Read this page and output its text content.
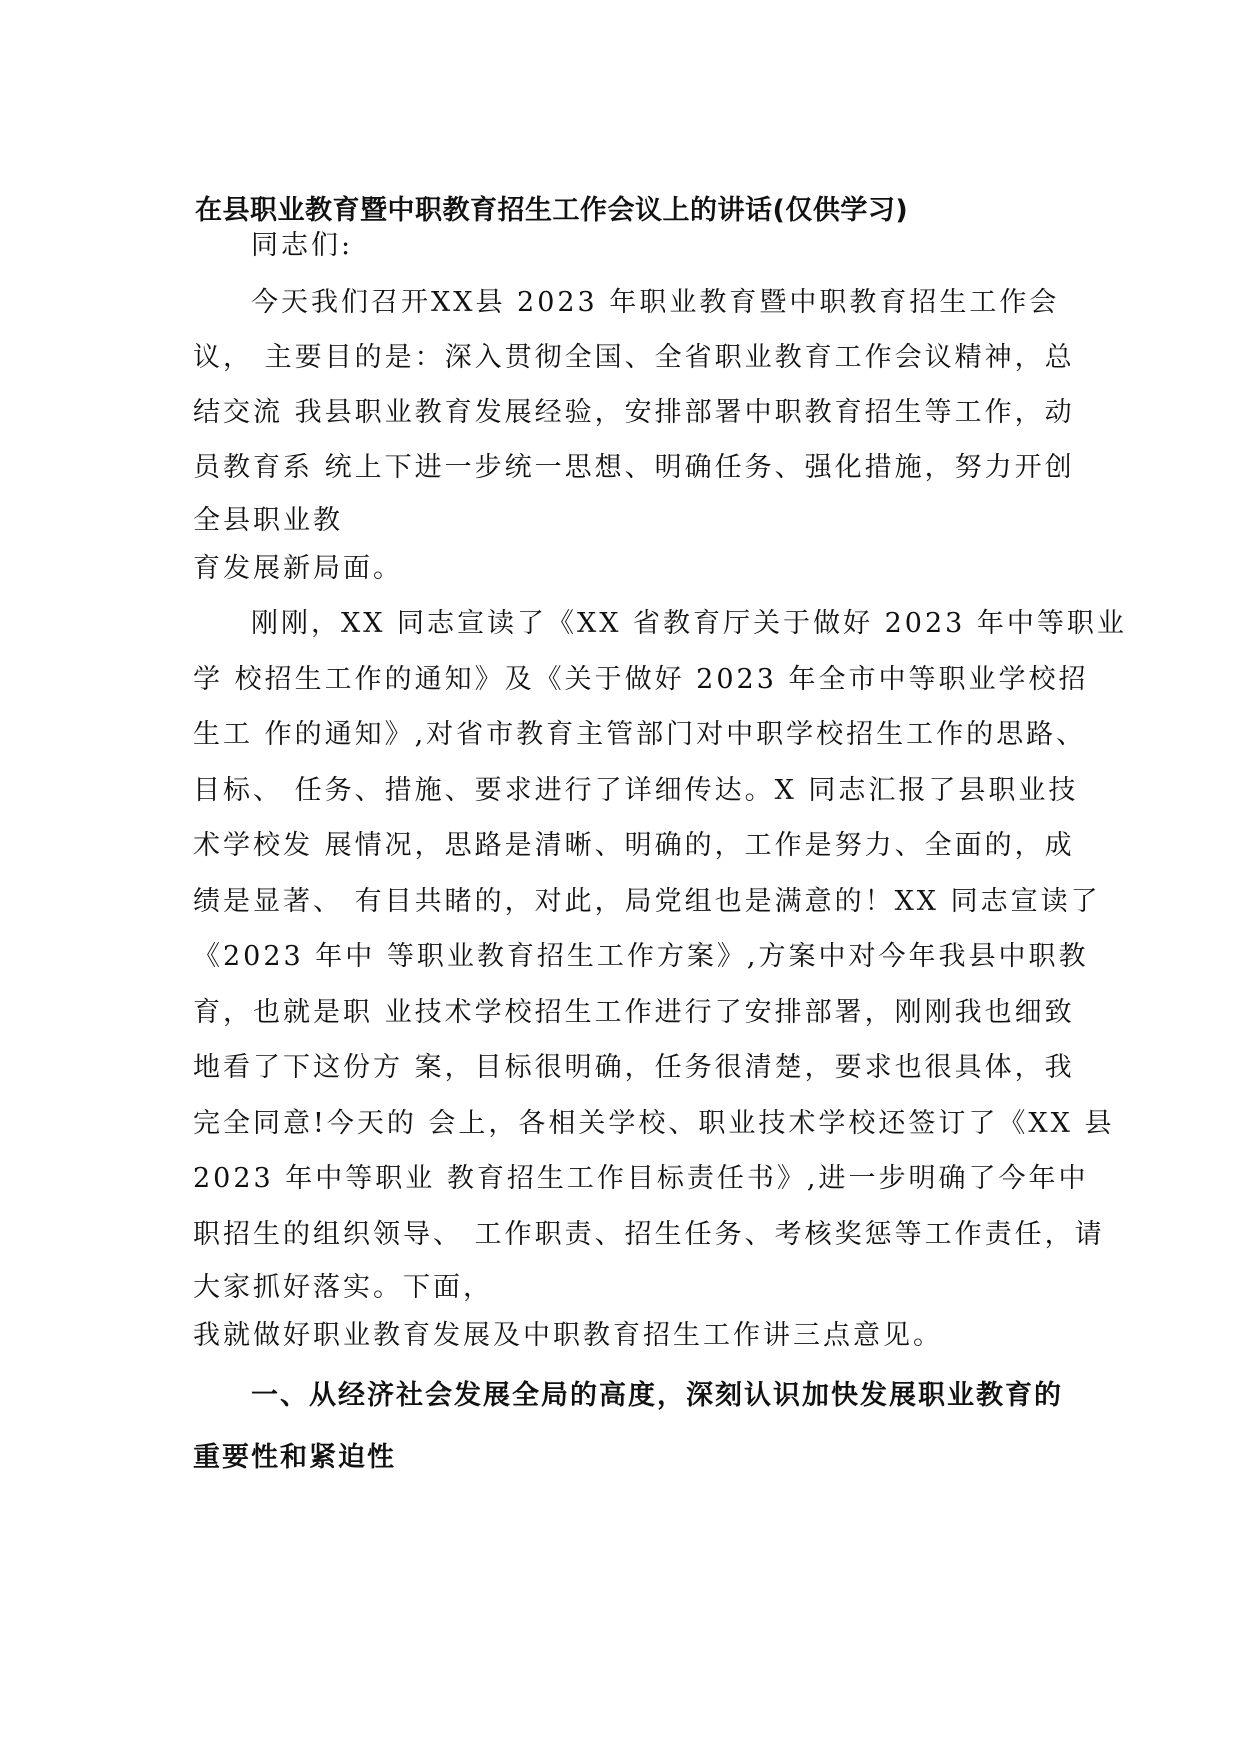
在县职业教育暨中职教育招生工作会议上的讲话(仅供学习)
同志们:
今天我们召开XX县 2023 年职业教育暨中职教育招生工作会
议， 主要目的是：深入贯彻全国、全省职业教育工作会议精神，总
结交流 我县职业教育发展经验，安排部署中职教育招生等工作，动
员教育系 统上下进一步统一思想、明确任务、强化措施，努力开创
全县职业教
育发展新局面。
刚刚，XX 同志宣读了《XX 省教育厅关于做好 2023 年中等职业
学 校招生工作的通知》及《关于做好 2023 年全市中等职业学校招
生工 作的通知》,对省市教育主管部门对中职学校招生工作的思路、
目标、 任务、措施、要求进行了详细传达。X 同志汇报了县职业技
术学校发 展情况，思路是清晰、明确的，工作是努力、全面的，成
绩是显著、 有目共睹的，对此，局党组也是满意的！XX 同志宣读了
《2023 年中 等职业教育招生工作方案》,方案中对今年我县中职教
育，也就是职 业技术学校招生工作进行了安排部署，刚刚我也细致
地看了下这份方 案，目标很明确，任务很清楚，要求也很具体，我
完全同意!今天的 会上，各相关学校、职业技术学校还签订了《XX 县
2023 年中等职业 教育招生工作目标责任书》,进一步明确了今年中
职招生的组织领导、 工作职责、招生任务、考核奖惩等工作责任，请
大家抓好落实。下面，
我就做好职业教育发展及中职教育招生工作讲三点意见。
一、从经济社会发展全局的高度，深刻认识加快发展职业教育的
重要性和紧迫性
